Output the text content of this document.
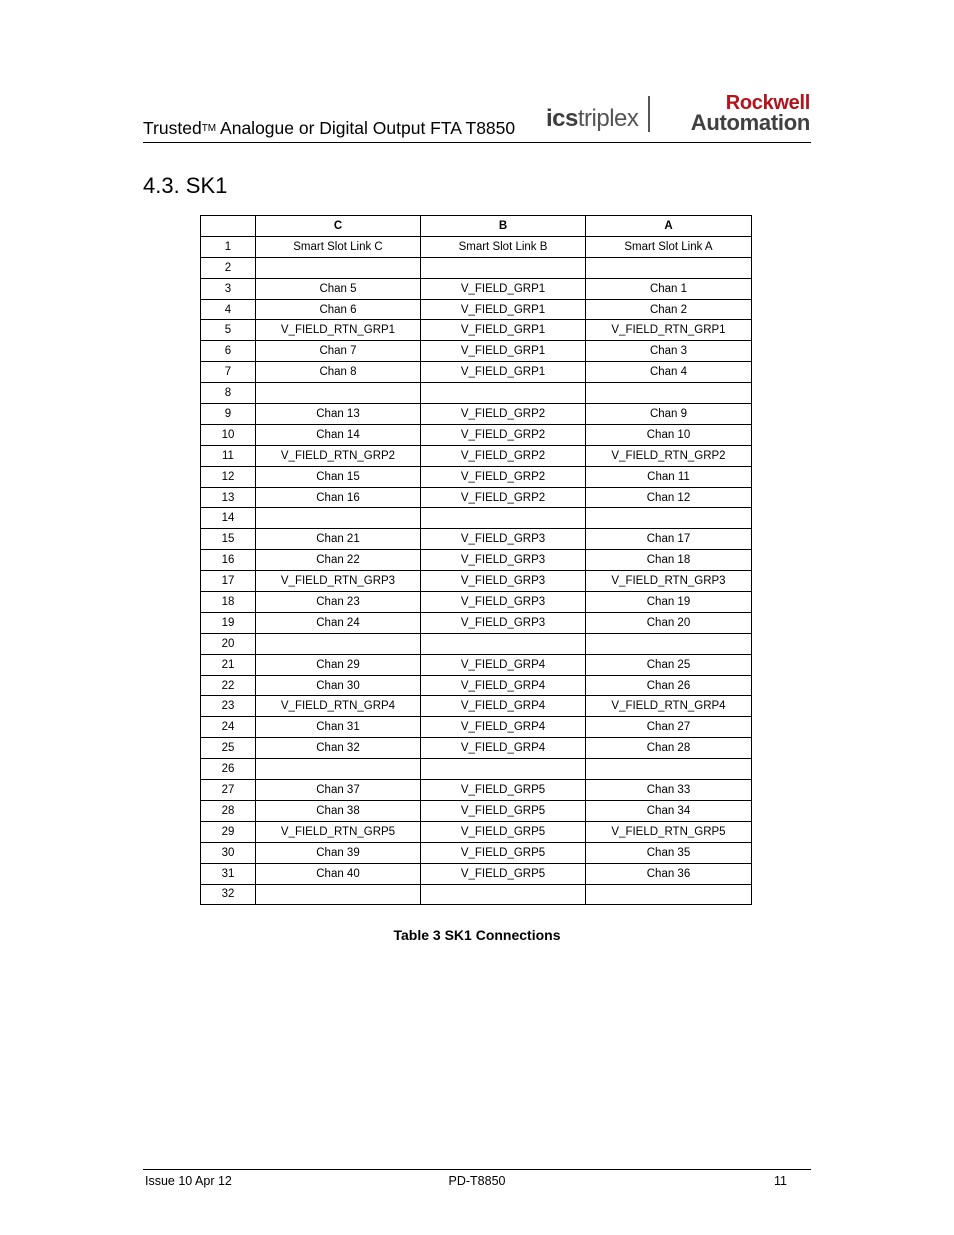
Trusted™ Analogue or Digital Output FTA T8850 icstriplex
Rockwell
Automation
4.3. SK1
	C	B	A
1	Smart Slot Link C	Smart Slot Link B	Smart Slot Link A
2			
3	Chan 5	V_FIELD_GRP1	Chan 1
4	Chan 6	V_FIELD_GRP1	Chan 2
5	V_FIELD_RTN_GRP1	V_FIELD_GRP1	V_FIELD_RTN_GRP1
6	Chan 7	V_FIELD_GRP1	Chan 3
7	Chan 8	V_FIELD_GRP1	Chan 4
8			
9	Chan 13	V_FIELD_GRP2	Chan 9
10	Chan 14	V_FIELD_GRP2	Chan 10
11	V_FIELD_RTN_GRP2	V_FIELD_GRP2	V_FIELD_RTN_GRP2
12	Chan 15	V_FIELD_GRP2	Chan 11
13	Chan 16	V_FIELD_GRP2	Chan 12
14			
15	Chan 21	V_FIELD_GRP3	Chan 17
16	Chan 22	V_FIELD_GRP3	Chan 18
17	V_FIELD_RTN_GRP3	V_FIELD_GRP3	V_FIELD_RTN_GRP3
18	Chan 23	V_FIELD_GRP3	Chan 19
19	Chan 24	V_FIELD_GRP3	Chan 20
20			
21	Chan 29	V_FIELD_GRP4	Chan 25
22	Chan 30	V_FIELD_GRP4	Chan 26
23	V_FIELD_RTN_GRP4	V_FIELD_GRP4	V_FIELD_RTN_GRP4
24	Chan 31	V_FIELD_GRP4	Chan 27
25	Chan 32	V_FIELD_GRP4	Chan 28
26			
27	Chan 37	V_FIELD_GRP5	Chan 33
28	Chan 38	V_FIELD_GRP5	Chan 34
29	V_FIELD_RTN_GRP5	V_FIELD_GRP5	V_FIELD_RTN_GRP5
30	Chan 39	V_FIELD_GRP5	Chan 35
31	Chan 40	V_FIELD_GRP5	Chan 36
32			
Table 3 SK1 Connections
Issue 10 Apr 12	PD-T8850	11
